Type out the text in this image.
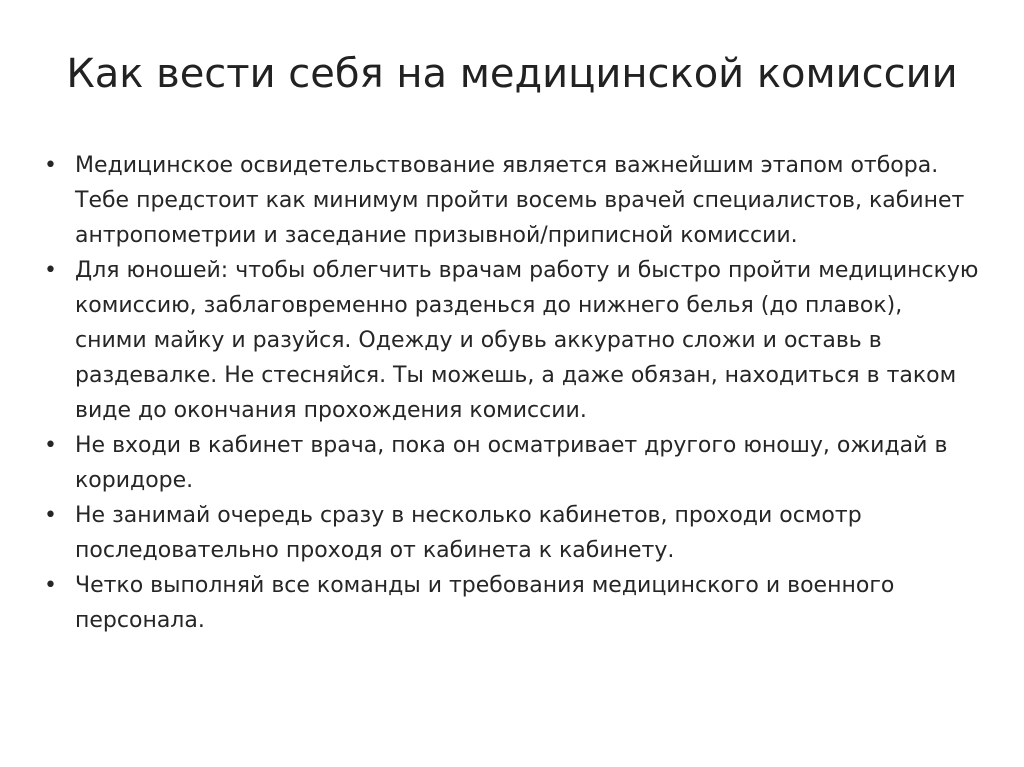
Как вести себя на медицинской комиссии
• Медицинское освидетельствование является важнейшим этапом отбора. Тебе предстоит как минимум пройти восемь врачей специалистов, кабинет антропометрии и заседание призывной/приписной комиссии.
• Для юношей: чтобы облегчить врачам работу и быстро пройти медицинскую комиссию, заблаговременно разденься до нижнего белья (до плавок), сними майку и разуйся. Одежду и обувь аккуратно сложи и оставь в раздевалке. Не стесняйся. Ты можешь, а даже обязан, находиться в таком виде до окончания прохождения комиссии.
• Не входи в кабинет врача, пока он осматривает другого юношу, ожидай в коридоре.
• Не занимай очередь сразу в несколько кабинетов, проходи осмотр последовательно проходя от кабинета к кабинету.
• Четко выполняй все команды и требования медицинского и военного персонала.
